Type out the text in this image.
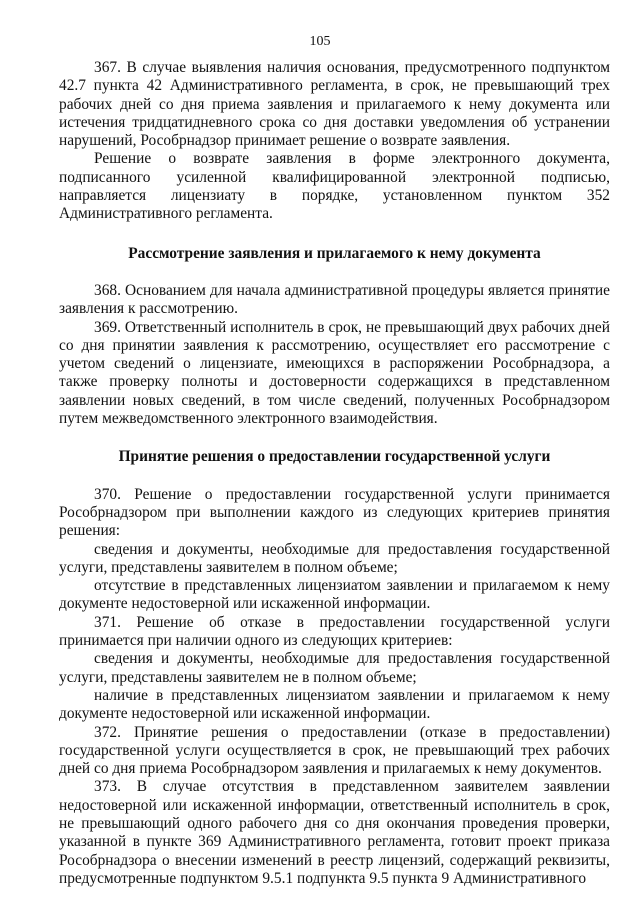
105

367. В случае выявления наличия основания, предусмотренного подпунктом 42.7 пункта 42 Административного регламента, в срок, не превышающий трех рабочих дней со дня приема заявления и прилагаемого к нему документа или истечения тридцатидневного срока со дня доставки уведомления об устранении нарушений, Рособрнадзор принимает решение о возврате заявления.

Решение о возврате заявления в форме электронного документа, подписанного усиленной квалифицированной электронной подписью, направляется лицензиату в порядке, установленном пунктом 352 Административного регламента.

Рассмотрение заявления и прилагаемого к нему документа

368. Основанием для начала административной процедуры является принятие заявления к рассмотрению.

369. Ответственный исполнитель в срок, не превышающий двух рабочих дней со дня принятии заявления к рассмотрению, осуществляет его рассмотрение с учетом сведений о лицензиате, имеющихся в распоряжении Рособрнадзора, а также проверку полноты и достоверности содержащихся в представленном заявлении новых сведений, в том числе сведений, полученных Рособрнадзором путем межведомственного электронного взаимодействия.

Принятие решения о предоставлении государственной услуги

370. Решение о предоставлении государственной услуги принимается Рособрнадзором при выполнении каждого из следующих критериев принятия решения:

сведения и документы, необходимые для предоставления государственной услуги, представлены заявителем в полном объеме;

отсутствие в представленных лицензиатом заявлении и прилагаемом к нему документе недостоверной или искаженной информации.

371. Решение об отказе в предоставлении государственной услуги принимается при наличии одного из следующих критериев:

сведения и документы, необходимые для предоставления государственной услуги, представлены заявителем не в полном объеме;

наличие в представленных лицензиатом заявлении и прилагаемом к нему документе недостоверной или искаженной информации.

372. Принятие решения о предоставлении (отказе в предоставлении) государственной услуги осуществляется в срок, не превышающий трех рабочих дней со дня приема Рособрнадзором заявления и прилагаемых к нему документов.

373. В случае отсутствия в представленном заявителем заявлении недостоверной или искаженной информации, ответственный исполнитель в срок, не превышающий одного рабочего дня со дня окончания проведения проверки, указанной в пункте 369 Административного регламента, готовит проект приказа Рособрнадзора о внесении изменений в реестр лицензий, содержащий реквизиты, предусмотренные подпунктом 9.5.1 подпункта 9.5 пункта 9 Административного
